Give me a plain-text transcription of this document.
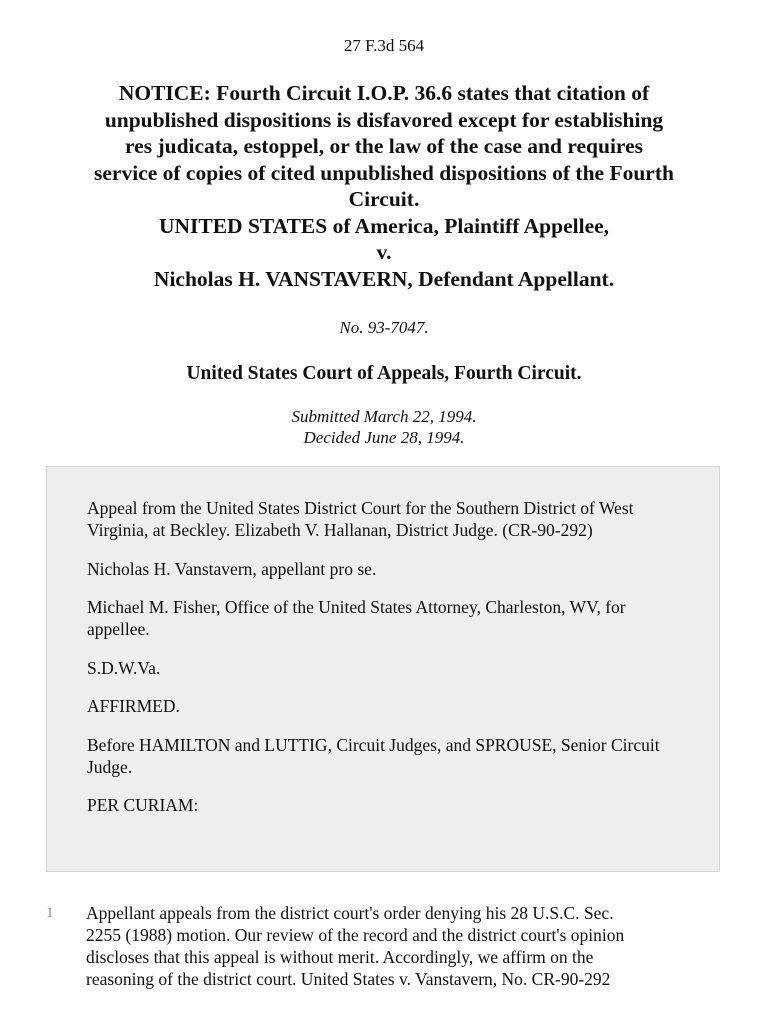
27 F.3d 564
NOTICE: Fourth Circuit I.O.P. 36.6 states that citation of
unpublished dispositions is disfavored except for establishing
res judicata, estoppel, or the law of the case and requires
service of copies of cited unpublished dispositions of the Fourth
Circuit.
UNITED STATES of America, Plaintiff Appellee,
v.
Nicholas H. VANSTAVERN, Defendant Appellant.
No. 93-7047.
United States Court of Appeals, Fourth Circuit.
Submitted March 22, 1994.
Decided June 28, 1994.

Appeal from the United States District Court for the Southern District of West Virginia, at Beckley. Elizabeth V. Hallanan, District Judge. (CR-90-292)

Nicholas H. Vanstavern, appellant pro se.

Michael M. Fisher, Office of the United States Attorney, Charleston, WV, for appellee.

S.D.W.Va.

AFFIRMED.

Before HAMILTON and LUTTIG, Circuit Judges, and SPROUSE, Senior Circuit Judge.

PER CURIAM:

1 Appellant appeals from the district court's order denying his 28 U.S.C. Sec.
2255 (1988) motion. Our review of the record and the district court's opinion
discloses that this appeal is without merit. Accordingly, we affirm on the
reasoning of the district court. United States v. Vanstavern, No. CR-90-292
